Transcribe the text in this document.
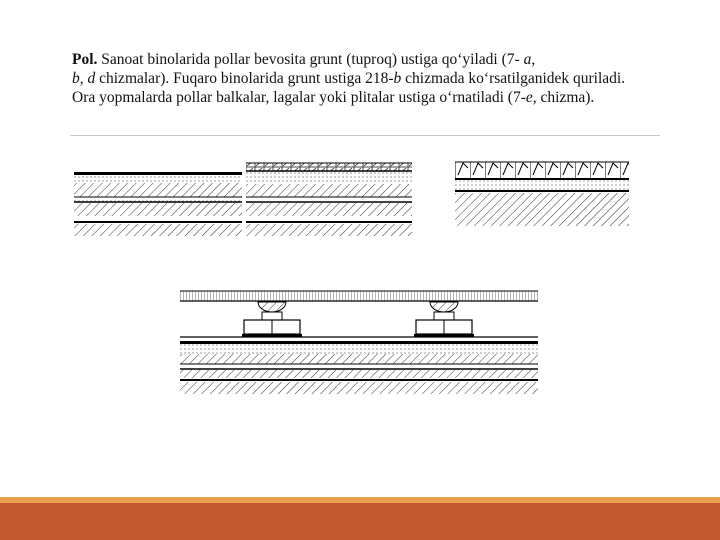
Pol. Sanoat binolarida pollar bevosita grunt (tuproq) ustiga qo‘yiladi (7- a,
b, d chizmalar). Fuqaro binolarida grunt ustiga 218-b chizmada ko‘rsatilganidek quriladi. Ora yopmalarda pollar balkalar, lagalar yoki plitalar ustiga o‘rnatiladi (7-e, chizma).
